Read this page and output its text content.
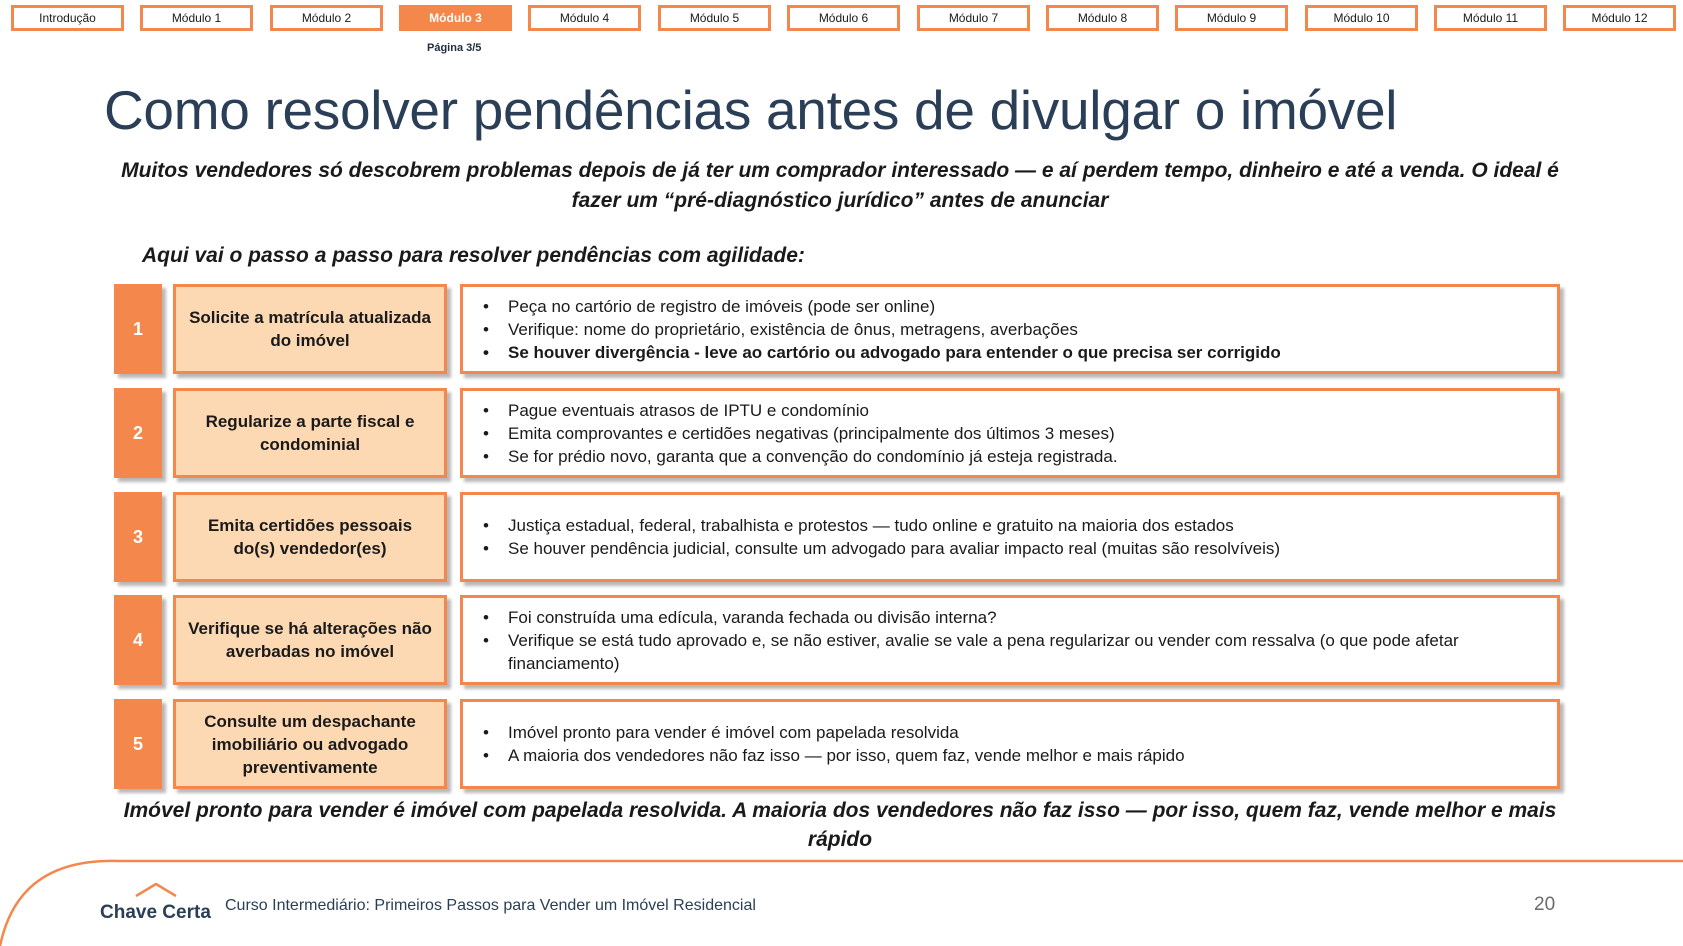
Introdução	Módulo 1	Módulo 2	Módulo 3	Módulo 4	Módulo 5	Módulo 6	Módulo 7	Módulo 8	Módulo 9	Módulo 10	Módulo 11	Módulo 12
Página 3/5
Como resolver pendências antes de divulgar o imóvel

Muitos vendedores só descobrem problemas depois de já ter um comprador interessado — e aí perdem tempo, dinheiro e até a venda. O ideal é fazer um “pré-diagnóstico jurídico” antes de anunciar

Aqui vai o passo a passo para resolver pendências com agilidade:

1
Solicite a matrícula atualizada do imóvel
• Peça no cartório de registro de imóveis (pode ser online)
• Verifique: nome do proprietário, existência de ônus, metragens, averbações
• Se houver divergência - leve ao cartório ou advogado para entender o que precisa ser corrigido
2
Regularize a parte fiscal e condominial
• Pague eventuais atrasos de IPTU e condomínio
• Emita comprovantes e certidões negativas (principalmente dos últimos 3 meses)
• Se for prédio novo, garanta que a convenção do condomínio já esteja registrada.
3
Emita certidões pessoais do(s) vendedor(es)
• Justiça estadual, federal, trabalhista e protestos — tudo online e gratuito na maioria dos estados
• Se houver pendência judicial, consulte um advogado para avaliar impacto real (muitas são resolvíveis)
4
Verifique se há alterações não averbadas no imóvel
• Foi construída uma edícula, varanda fechada ou divisão interna?
• Verifique se está tudo aprovado e, se não estiver, avalie se vale a pena regularizar ou vender com ressalva (o que pode afetar financiamento)
5
Consulte um despachante imobiliário ou advogado preventivamente
• Imóvel pronto para vender é imóvel com papelada resolvida
• A maioria dos vendedores não faz isso — por isso, quem faz, vende melhor e mais rápido

Imóvel pronto para vender é imóvel com papelada resolvida. A maioria dos vendedores não faz isso — por isso, quem faz, vende melhor e mais rápido

Chave Certa Curso Intermediário: Primeiros Passos para Vender um Imóvel Residencial	20
